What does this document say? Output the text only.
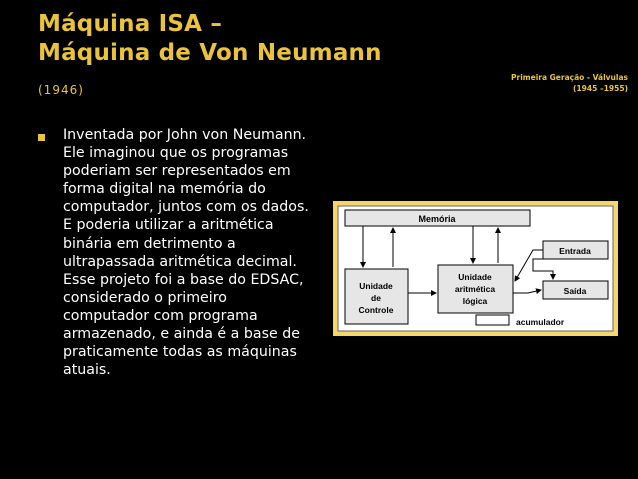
Máquina ISA –
Máquina de Von Neumann
(1946)
Primeira Geração - Válvulas
(1945 –1955)
Inventada por John von Neumann. Ele imaginou que os programas poderiam ser representados em forma digital na memória do computador, juntos com os dados. E poderia utilizar a aritmética binária em detrimento a ultrapassada aritmética decimal. Esse projeto foi a base do EDSAC, considerado o primeiro computador com programa armazenado, e ainda é a base de praticamente todas as máquinas atuais.
Memória
Unidade
de
Controle
Unidade
aritmética
lógica
acumulador
Entrada
Saída
